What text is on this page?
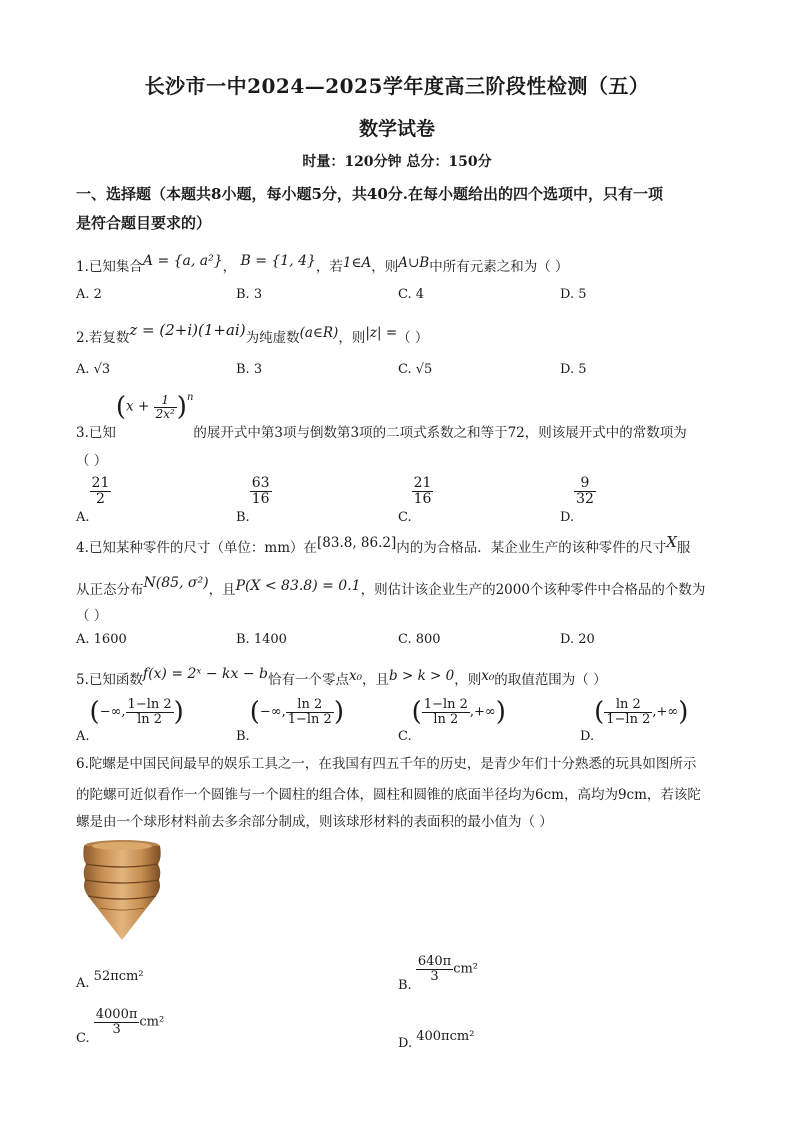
长沙市一中2024—2025学年度高三阶段性检测（五）
数学试卷
时量：120分钟 总分：150分
一、选择题（本题共8小题，每小题5分，共40分.在每小题给出的四个选项中，只有一项
是符合题目要求的）
1.已知集合A = {a, a²}， B = {1, 4}，若1∈A，则A∪B中所有元素之和为（ ）
A. 2	B. 3	C. 4	D. 5
2.若复数z = (2+i)(1+ai)为纯虚数(a∈R)，则|z| =（ ）
A. √3	B. 3	C. √5	D. 5
3.已知$(x + \frac{1}{\text{2x²}} )^n$的展开式中第3项与倒数第3项的二项式系数之和等于72，则该展开式中的常数项为
（ ）
A.
$\frac{21}{2}$
B.
$\frac{63}{16}$
C.
$\frac{21}{16}$
D.
$\frac{9}{32}$
4.已知某种零件的尺寸（单位：mm）在[83.8, 86.2]内的为合格品．某企业生产的该种零件的尺寸X服
从正态分布N(85, σ²)，且P(X < 83.8) = 0.1，则估计该企业生产的2000个该种零件中合格品的个数为
（ ）
A. 1600	B. 1400	C. 800	D. 20
5.已知函数f(x) = 2ˣ − kx − b恰有一个零点x₀，且b > k > 0，则x₀的取值范围为（ ）
A.(−∞, $\frac{1-\ln 2}{\ln 2}$ )
B.(−∞, $\frac{\ln 2}{1-\ln 2}$ )
$C.( \frac{1-\ln 2}{\ln 2}$ ,+∞)
$D.( \frac{\ln 2}{1-\ln 2}$ ,+∞)
6.陀螺是中国民间最早的娱乐工具之一，在我国有四五千年的历史，是青少年们十分熟悉的玩具如图所示
的陀螺可近似看作一个圆锥与一个圆柱的组合体，圆柱和圆锥的底面半径均为6cm，高均为9cm，若该陀
螺是由一个球形材料前去多余部分制成，则该球形材料的表面积的最小值为（ ）
A. 52πcm²
B.
$\frac{640\pi}{3} cm^2$
C.
$\frac{4000\pi}{3} cm^2$
D. 400πcm²
